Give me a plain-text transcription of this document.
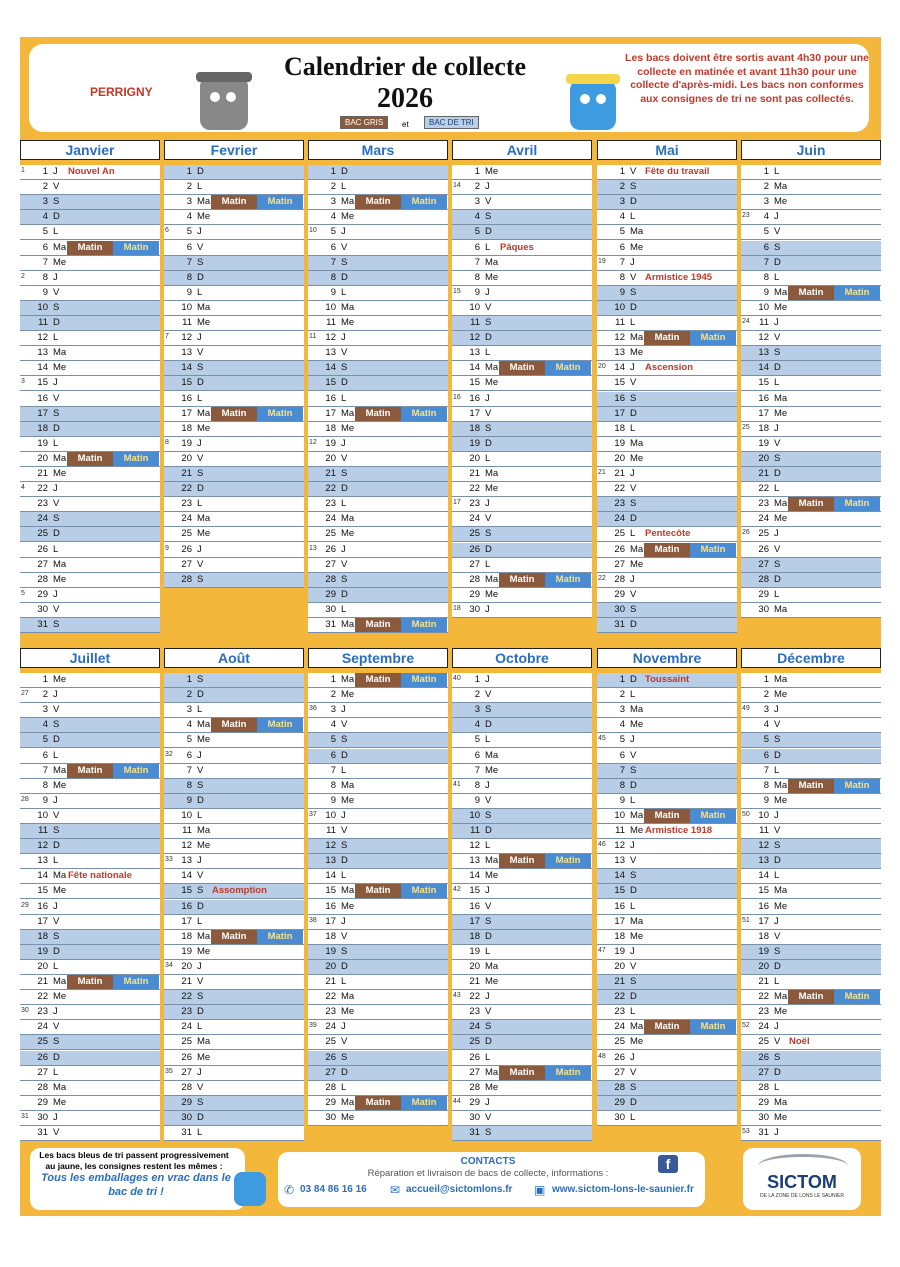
PERRIGNY
Calendrier de collecte
2026
BAC GRIS	et	BAC DE TRI
Les bacs doivent être sortis avant 4h30 pour une collecte en matinée et avant 11h30 pour une collecte d'après-midi. Les bacs non conformes aux consignes de tri ne sont pas collectés.
Janvier
1	1 J Nouvel An
2 V
3 S
4 D
5 L
6 Ma	Matin	Matin
7 Me
2	8 J
9 V
10 S
11 D
12 L
13 Ma
14 Me
3	15 J
16 V
17 S
18 D
19 L
20 Ma	Matin	Matin
21 Me
4	22 J
23 V
24 S
25 D
26 L
27 Ma
28 Me
5	29 J
30 V
31 S
Fevrier
1 D
2 L
3 Ma	Matin	Matin
4 Me
6	5 J
6 V
7 S
8 D
9 L
10 Ma
11 Me
7	12 J
13 V
14 S
15 D
16 L
17 Ma	Matin	Matin
18 Me
8	19 J
20 V
21 S
22 D
23 L
24 Ma
25 Me
9	26 J
27 V
28 S
Mars
1 D
2 L
3 Ma	Matin	Matin
4 Me
10	5 J
6 V
7 S
8 D
9 L
10 Ma
11 Me
11 12 J
13 V
14 S
15 D
16 L
17 Ma	Matin	Matin
18 Me
12 19 J
20 V
21 S
22 D
23 L
24 Ma
25 Me
13 26 J
27 V
28 S
29 D
30 L
31 Ma	Matin	Matin
Avril
1 Me
14	2 J
3 V
4 S
5 D
6 L Pâques
7 Ma
8 Me
15	9 J
10 V
11 S
12 D
13 L
14 Ma	Matin	Matin
15 Me
16 16 J
17 V
18 S
19 D
20 L
21 Ma
22 Me
17 23 J
24 V
25 S
26 D
27 L
28 Ma	Matin	Matin
29 Me
18 30 J
Mai
1 V Fête du travail
2 S
3 D
4 L
5 Ma
6 Me
19	7 J
8 V Armistice 1945
9 S
10 D
11 L
12 Ma	Matin	Matin
13 Me
20 14 J Ascension
15 V
16 S
17 D
18 L
19 Ma
20 Me
21 21 J
22 V
23 S
24 D
25 L Pentecôte
26 Ma	Matin	Matin
27 Me
22 28 J
29 V
30 S
31 D
Juin
1 L
2 Ma
3 Me
23	4 J
5 V
6 S
7 D
8 L
9 Ma	Matin	Matin
10 Me
24 11 J
12 V
13 S
14 D
15 L
16 Ma
17 Me
25 18 J
19 V
20 S
21 D
22 L
23 Ma	Matin	Matin
24 Me
26 25 J
26 V
27 S
28 D
29 L
30 Ma
Juillet
1 Me
27	2 J
3 V
4 S
5 D
6 L
7 Ma	Matin	Matin
8 Me
28	9 J
10 V
11 S
12 D
13 L
14 Ma Fête nationale
15 Me
29 16 J
17 V
18 S
19 D
20 L
21 Ma	Matin	Matin
22 Me
30 23 J
24 V
25 S
26 D
27 L
28 Ma
29 Me
31 30 J
31 V
Août
1 S
2 D
3 L
4 Ma	Matin	Matin
5 Me
32	6 J
7 V
8 S
9 D
10 L
11 Ma
12 Me
33 13 J
14 V
15 S Assomption
16 D
17 L
18 Ma	Matin	Matin
19 Me
34 20 J
21 V
22 S
23 D
24 L
25 Ma
26 Me
35 27 J
28 V
29 S
30 D
31 L
Septembre
1 Ma	Matin	Matin
2 Me
36	3 J
4 V
5 S
6 D
7 L
8 Ma
9 Me
37 10 J
11 V
12 S
13 D
14 L
15 Ma	Matin	Matin
16 Me
38 17 J
18 V
19 S
20 D
21 L
22 Ma
23 Me
39 24 J
25 V
26 S
27 D
28 L
29 Ma	Matin	Matin
30 Me
Octobre
40	1 J
2 V
3 S
4 D
5 L
6 Ma
7 Me
41	8 J
9 V
10 S
11 D
12 L
13 Ma	Matin	Matin
14 Me
42 15 J
16 V
17 S
18 D
19 L
20 Ma
21 Me
43 22 J
23 V
24 S
25 D
26 L
27 Ma	Matin	Matin
28 Me
44 29 J
30 V
31 S
Novembre
1 D Toussaint
2 L
3 Ma
4 Me
45	5 J
6 V
7 S
8 D
9 L
10 Ma	Matin	Matin
11 Me Armistice 1918
46 12 J
13 V
14 S
15 D
16 L
17 Ma
18 Me
47 19 J
20 V
21 S
22 D
23 L
24 Ma	Matin	Matin
25 Me
48 26 J
27 V
28 S
29 D
30 L
Décembre
1 Ma
2 Me
49	3 J
4 V
5 S
6 D
7 L
8 Ma	Matin	Matin
9 Me
50 10 J
11 V
12 S
13 D
14 L
15 Ma
16 Me
51 17 J
18 V
19 S
20 D
21 L
22 Ma	Matin	Matin
23 Me
52 24 J
25 V Noël
26 S
27 D
28 L
29 Ma
30 Me
53 31 J
Les bacs bleus de tri passent progressivement au jaune, les consignes restent les mêmes :
Tous les emballages en vrac dans le bac de tri !
CONTACTS
Réparation et livraison de bacs de collecte, informations :
✆ 03 84 86 16 16 ✉ accueil@sictomlons.fr ▣ www.sictom-lons-le-saunier.fr
f
SICTOM
DE LA ZONE DE LONS LE SAUNIER
